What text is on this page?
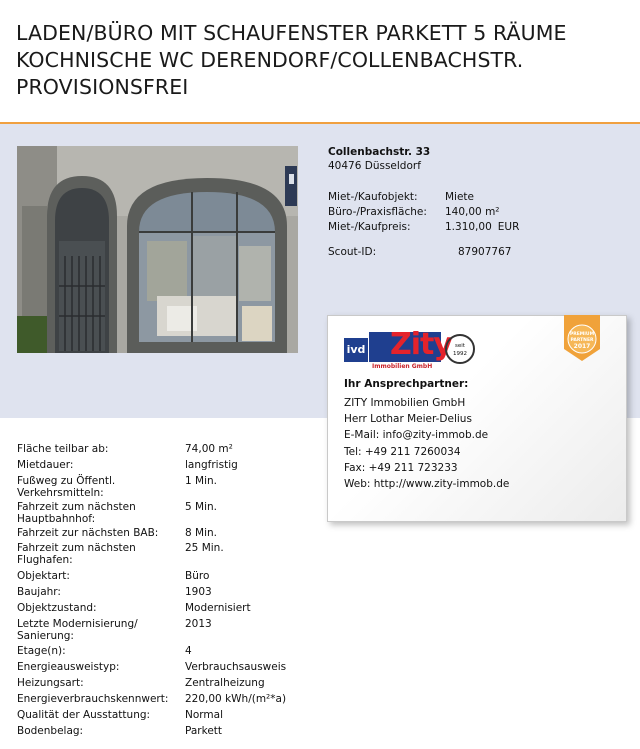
LADEN/BÜRO MIT SCHAUFENSTER PARKETT 5 RÄUME KOCHNISCHE WC DERENDORF/COLLENBACHSTR. PROVISIONSFREI
Collenbachstr. 33
40476 Düsseldorf
Miet-/Kaufobjekt:	Miete
Büro-/Praxisfläche:	140,00 m²
Miet-/Kaufpreis:	1.310,00 EUR
Scout-ID:	87907767
ivd Zity
Immobilien GmbH
seit
1992
PREMIUM
PARTNER
2017
Ihr Ansprechpartner:
ZITY Immobilien GmbH
Herr Lothar Meier-Delius
E-Mail: info@zity-immob.de
Tel: +49 211 7260034
Fax: +49 211 723233
Web: http://www.zity-immob.de
Fläche teilbar ab:	74,00 m²
Mietdauer:	langfristig
Fußweg zu Öffentl. Verkehrsmitteln:
1 Min.
Fahrzeit zum nächsten Hauptbahnhof:
5 Min.
Fahrzeit zur nächsten BAB:	8 Min.
Fahrzeit zum nächsten Flughafen:
25 Min.
Objektart:	Büro
Baujahr:	1903
Objektzustand:	Modernisiert
Letzte Modernisierung/ Sanierung:
2013
Etage(n):	4
Energieausweistyp:	Verbrauchsausweis
Heizungsart:	Zentralheizung
Energieverbrauchskennwert:	220,00 kWh/(m²*a)
Qualität der Ausstattung:	Normal
Bodenbelag:	Parkett
